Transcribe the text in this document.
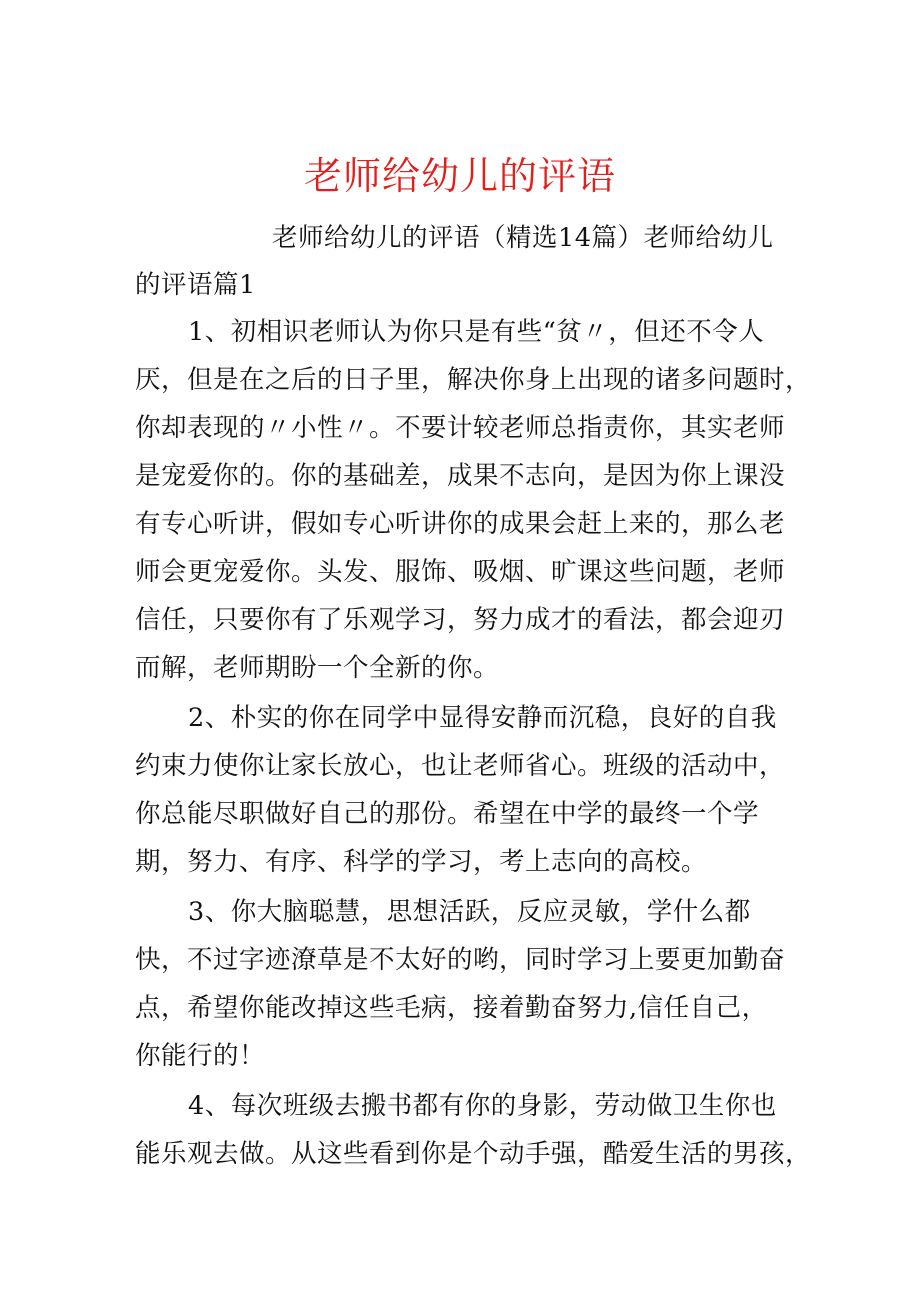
老师给幼儿的评语
老师给幼儿的评语（精选14篇）老师给幼儿
的评语篇1
1、初相识老师认为你只是有些“贫〃，但还不令人
厌，但是在之后的日子里，解决你身上出现的诸多问题时，
你却表现的〃小性〃。不要计较老师总指责你，其实老师
是宠爱你的。你的基础差，成果不志向，是因为你上课没
有专心听讲，假如专心听讲你的成果会赶上来的，那么老
师会更宠爱你。头发、服饰、吸烟、旷课这些问题，老师
信任，只要你有了乐观学习，努力成才的看法，都会迎刃
而解，老师期盼一个全新的你。
2、朴实的你在同学中显得安静而沉稳，良好的自我
约束力使你让家长放心，也让老师省心。班级的活动中，
你总能尽职做好自己的那份。希望在中学的最终一个学
期，努力、有序、科学的学习，考上志向的高校。
3、你大脑聪慧，思想活跃，反应灵敏，学什么都
快，不过字迹潦草是不太好的哟，同时学习上要更加勤奋
点，希望你能改掉这些毛病，接着勤奋努力,信任自己，
你能行的！
4、每次班级去搬书都有你的身影，劳动做卫生你也
能乐观去做。从这些看到你是个动手强，酷爱生活的男孩，
